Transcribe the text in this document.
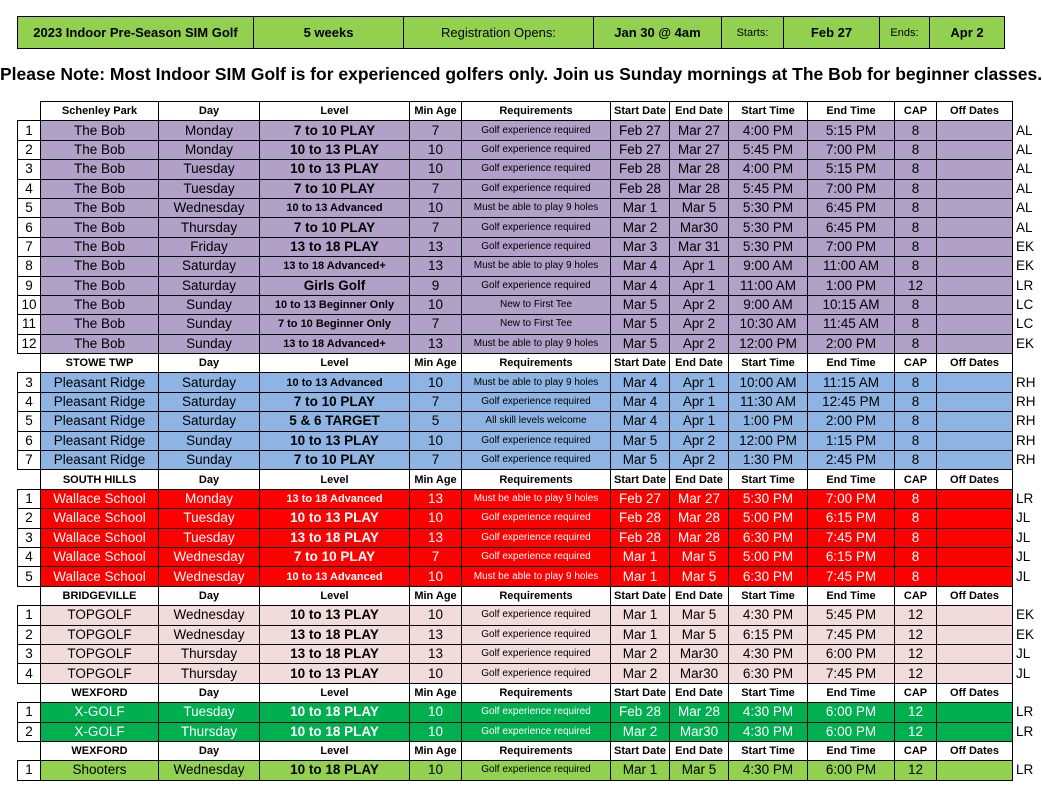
2023 Indoor Pre-Season SIM Golf	5 weeks	Registration Opens:	Jan 30 @ 4am	Starts:	Feb 27	Ends:	Apr 2
Please Note: Most Indoor SIM Golf is for experienced golfers only. Join us Sunday mornings at The Bob for beginner classes.
	Schenley Park	Day	Level	Min Age	Requirements	Start Date	End Date	Start Time	End Time	CAP	Off Dates	
1	The Bob	Monday	7 to 10 PLAY	7	Golf experience required	Feb 27	Mar 27	4:00 PM	5:15 PM	8		AL
2	The Bob	Monday	10 to 13 PLAY	10	Golf experience required	Feb 27	Mar 27	5:45 PM	7:00 PM	8		AL
3	The Bob	Tuesday	10 to 13 PLAY	10	Golf experience required	Feb 28	Mar 28	4:00 PM	5:15 PM	8		AL
4	The Bob	Tuesday	7 to 10 PLAY	7	Golf experience required	Feb 28	Mar 28	5:45 PM	7:00 PM	8		AL
5	The Bob	Wednesday	10 to 13 Advanced	10	Must be able to play 9 holes	Mar 1	Mar 5	5:30 PM	6:45 PM	8		AL
6	The Bob	Thursday	7 to 10 PLAY	7	Golf experience required	Mar 2	Mar30	5:30 PM	6:45 PM	8		AL
7	The Bob	Friday	13 to 18 PLAY	13	Golf experience required	Mar 3	Mar 31	5:30 PM	7:00 PM	8		EK
8	The Bob	Saturday	13 to 18 Advanced+	13	Must be able to play 9 holes	Mar 4	Apr 1	9:00 AM	11:00 AM	8		EK
9	The Bob	Saturday	Girls Golf	9	Golf experience required	Mar 4	Apr 1	11:00 AM	1:00 PM	12		LR
10	The Bob	Sunday	10 to 13 Beginner Only	10	New to First Tee	Mar 5	Apr 2	9:00 AM	10:15 AM	8		LC
11	The Bob	Sunday	7 to 10 Beginner Only	7	New to First Tee	Mar 5	Apr 2	10:30 AM	11:45 AM	8		LC
12	The Bob	Sunday	13 to 18 Advanced+	13	Must be able to play 9 holes	Mar 5	Apr 2	12:00 PM	2:00 PM	8		EK
	STOWE TWP	Day	Level	Min Age	Requirements	Start Date	End Date	Start Time	End Time	CAP	Off Dates	
3	Pleasant Ridge	Saturday	10 to 13 Advanced	10	Must be able to play 9 holes	Mar 4	Apr 1	10:00 AM	11:15 AM	8		RH
4	Pleasant Ridge	Saturday	7 to 10 PLAY	7	Golf experience required	Mar 4	Apr 1	11:30 AM	12:45 PM	8		RH
5	Pleasant Ridge	Saturday	5 & 6 TARGET	5	All skill levels welcome	Mar 4	Apr 1	1:00 PM	2:00 PM	8		RH
6	Pleasant Ridge	Sunday	10 to 13 PLAY	10	Golf experience required	Mar 5	Apr 2	12:00 PM	1:15 PM	8		RH
7	Pleasant Ridge	Sunday	7 to 10 PLAY	7	Golf experience required	Mar 5	Apr 2	1:30 PM	2:45 PM	8		RH
	SOUTH HILLS	Day	Level	Min Age	Requirements	Start Date	End Date	Start Time	End Time	CAP	Off Dates	
1	Wallace School	Monday	13 to 18 Advanced	13	Must be able to play 9 holes	Feb 27	Mar 27	5:30 PM	7:00 PM	8		LR
2	Wallace School	Tuesday	10 to 13 PLAY	10	Golf experience required	Feb 28	Mar 28	5:00 PM	6:15 PM	8		JL
3	Wallace School	Tuesday	13 to 18 PLAY	13	Golf experience required	Feb 28	Mar 28	6:30 PM	7:45 PM	8		JL
4	Wallace School	Wednesday	7 to 10 PLAY	7	Golf experience required	Mar 1	Mar 5	5:00 PM	6:15 PM	8		JL
5	Wallace School	Wednesday	10 to 13 Advanced	10	Must be able to play 9 holes	Mar 1	Mar 5	6:30 PM	7:45 PM	8		JL
	BRIDGEVILLE	Day	Level	Min Age	Requirements	Start Date	End Date	Start Time	End Time	CAP	Off Dates	
1	TOPGOLF	Wednesday	10 to 13 PLAY	10	Golf experience required	Mar 1	Mar 5	4:30 PM	5:45 PM	12		EK
2	TOPGOLF	Wednesday	13 to 18 PLAY	13	Golf experience required	Mar 1	Mar 5	6:15 PM	7:45 PM	12		EK
3	TOPGOLF	Thursday	13 to 18 PLAY	13	Golf experience required	Mar 2	Mar30	4:30 PM	6:00 PM	12		JL
4	TOPGOLF	Thursday	10 to 13 PLAY	10	Golf experience required	Mar 2	Mar30	6:30 PM	7:45 PM	12		JL
	WEXFORD	Day	Level	Min Age	Requirements	Start Date	End Date	Start Time	End Time	CAP	Off Dates	
1	X-GOLF	Tuesday	10 to 18 PLAY	10	Golf experience required	Feb 28	Mar 28	4:30 PM	6:00 PM	12		LR
2	X-GOLF	Thursday	10 to 18 PLAY	10	Golf experience required	Mar 2	Mar30	4:30 PM	6:00 PM	12		LR
	WEXFORD	Day	Level	Min Age	Requirements	Start Date	End Date	Start Time	End Time	CAP	Off Dates	
1	Shooters	Wednesday	10 to 18 PLAY	10	Golf experience required	Mar 1	Mar 5	4:30 PM	6:00 PM	12		LR
